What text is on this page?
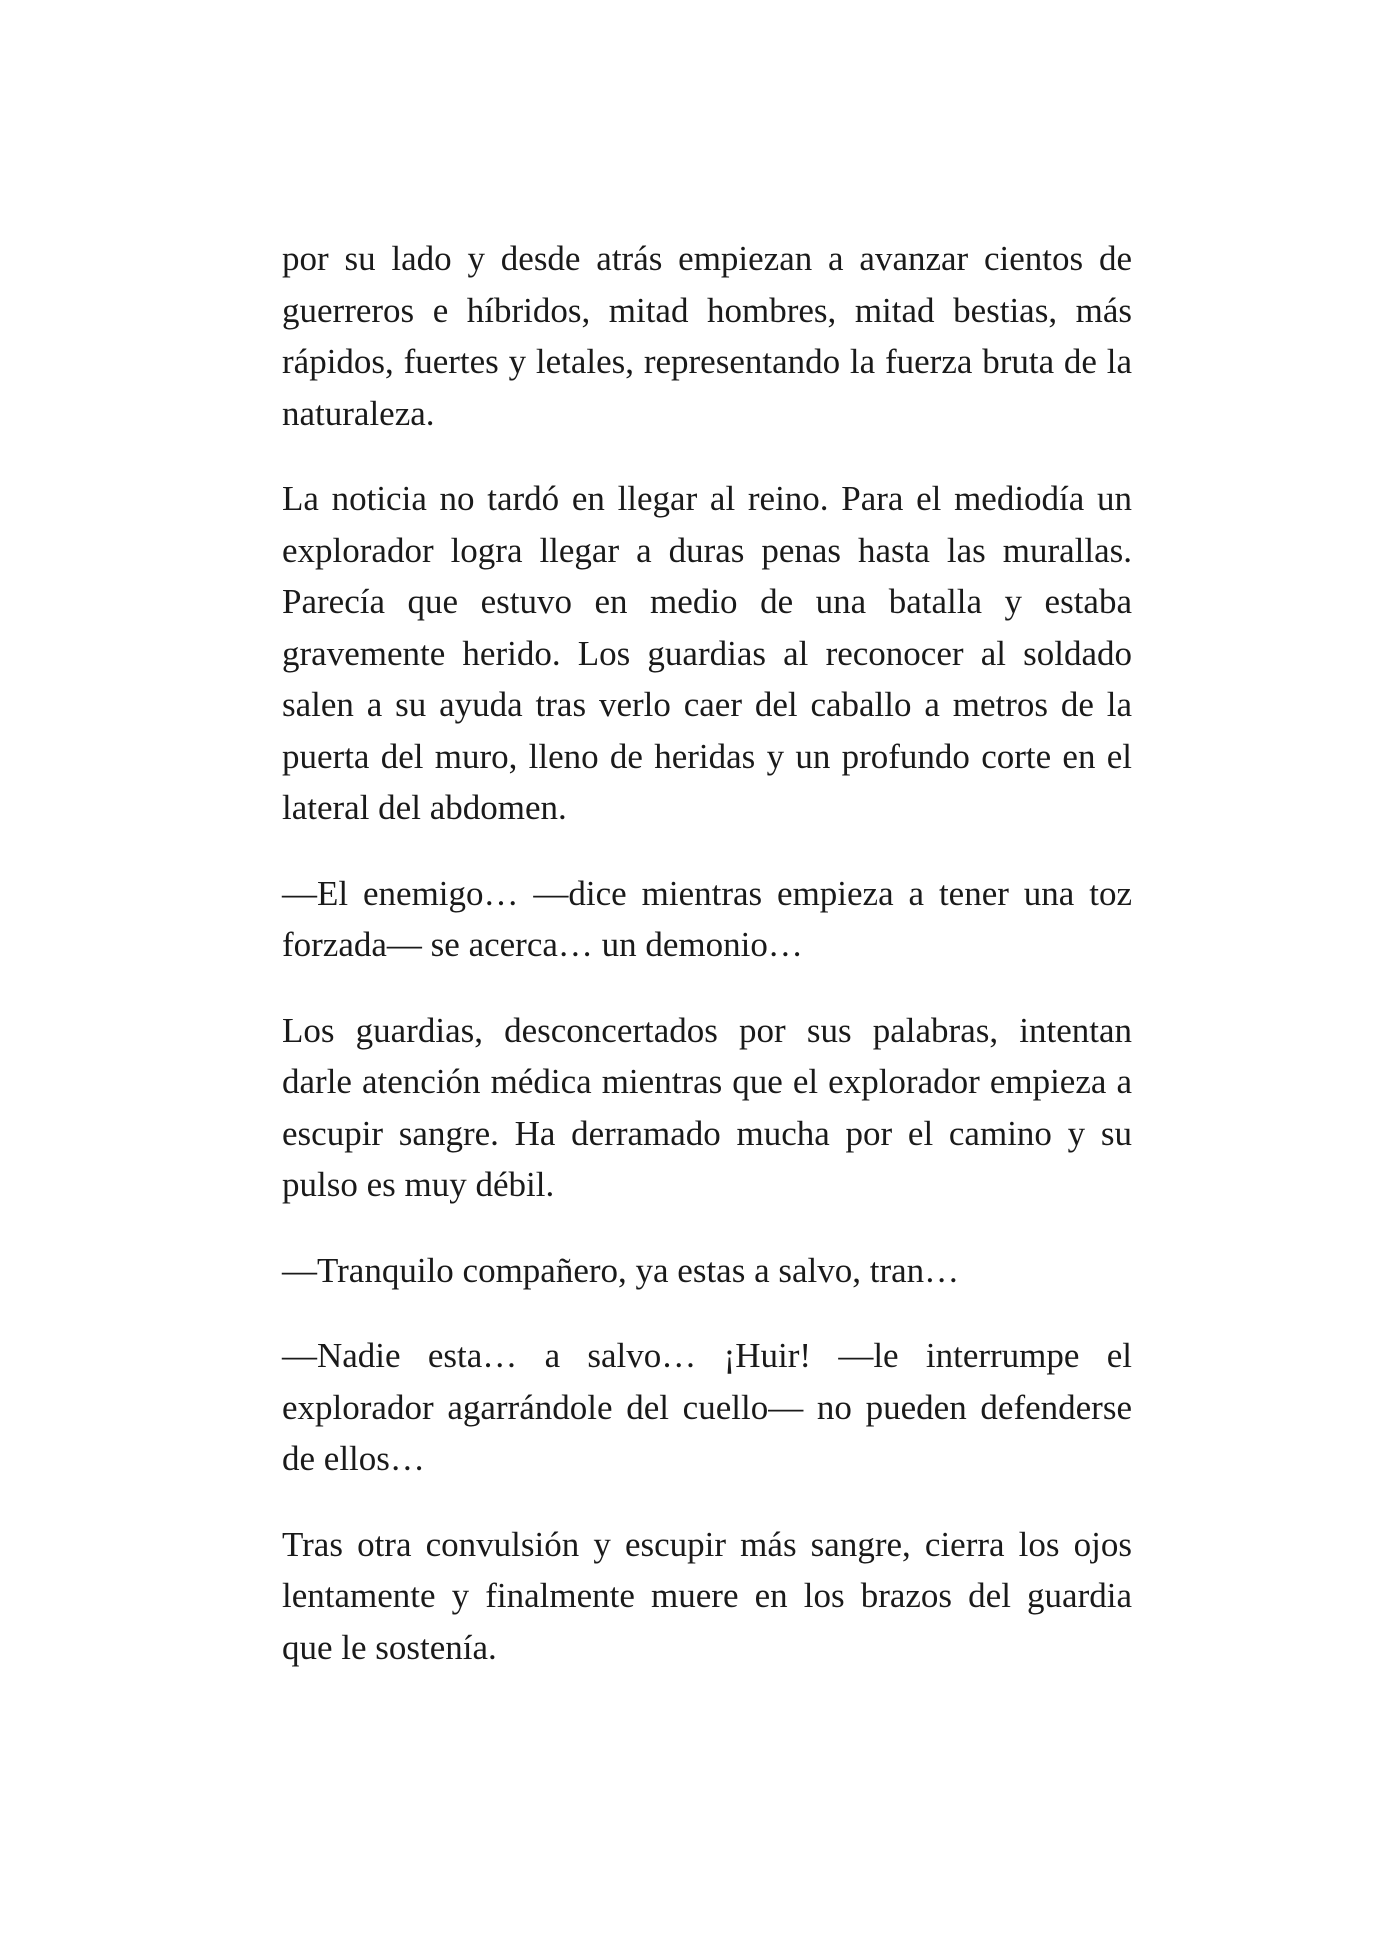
por su lado y desde atrás empiezan a avanzar cientos de guerreros e híbridos, mitad hombres, mitad bestias, más rápidos, fuertes y letales, representando la fuerza bruta de la naturaleza.

La noticia no tardó en llegar al reino. Para el mediodía un explorador logra llegar a duras penas hasta las murallas. Parecía que estuvo en medio de una batalla y estaba gravemente herido. Los guardias al reconocer al soldado salen a su ayuda tras verlo caer del caballo a metros de la puerta del muro, lleno de heridas y un profundo corte en el lateral del abdomen.

—El enemigo… —dice mientras empieza a tener una toz forzada— se acerca… un demonio…

Los guardias, desconcertados por sus palabras, intentan darle atención médica mientras que el explorador empieza a escupir sangre. Ha derramado mucha por el camino y su pulso es muy débil.

—Tranquilo compañero, ya estas a salvo, tran…

—Nadie esta… a salvo… ¡Huir! —le interrumpe el explorador agarrándole del cuello— no pueden defenderse de ellos…

Tras otra convulsión y escupir más sangre, cierra los ojos lentamente y finalmente muere en los brazos del guardia que le sostenía.
